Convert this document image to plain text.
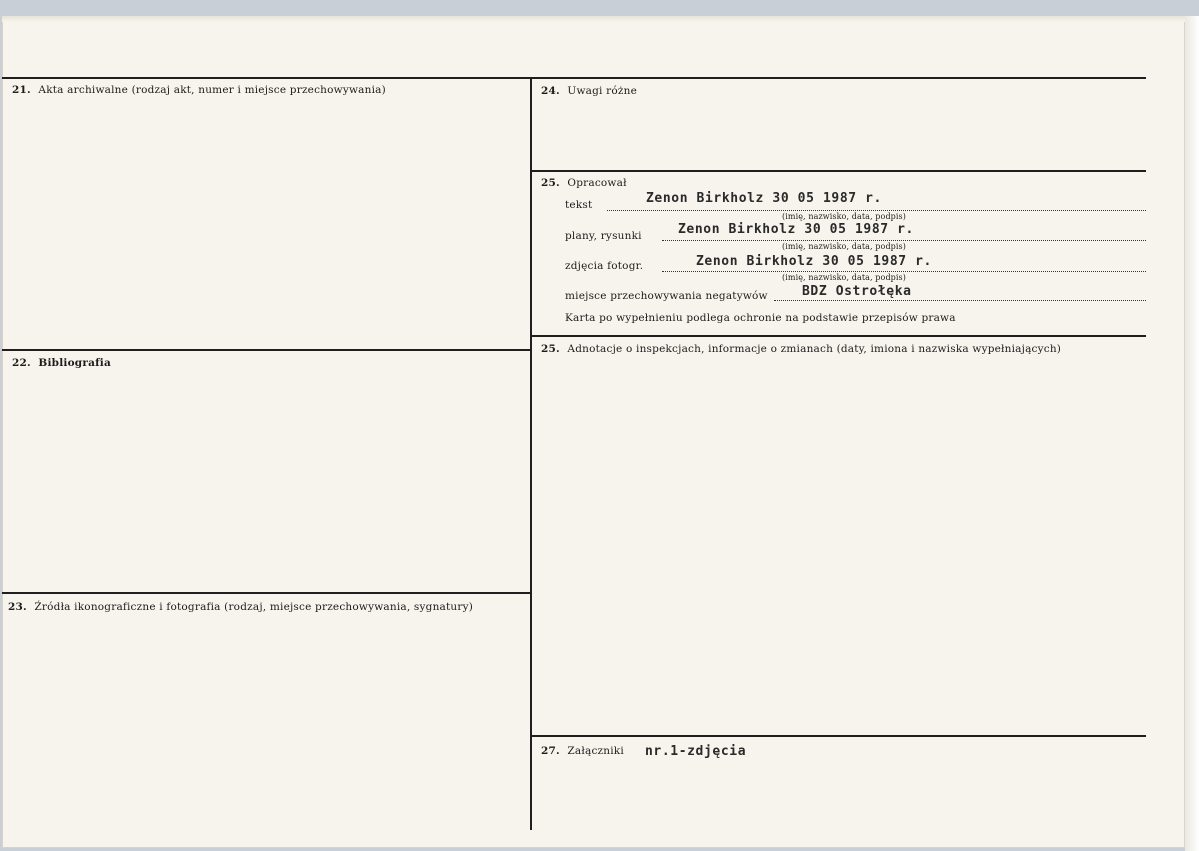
21. Akta archiwalne (rodzaj akt, numer i miejsce przechowywania)
22. Bibliografia
23. Źródła ikonograficzne i fotografia (rodzaj, miejsce przechowywania, sygnatury)
24. Uwagi różne
25. Opracował
tekst	Zenon Birkholz 30 05 1987 r.
(imię, nazwisko, data, podpis)
plany, rysunki	Zenon Birkholz 30 05 1987 r.
(imię, nazwisko, data, podpis)
zdjęcia fotogr.	Zenon Birkholz 30 05 1987 r.
(imię, nazwisko, data, podpis)
miejsce przechowywania negatywów	BDZ Ostrołęka
Karta po wypełnieniu podlega ochronie na podstawie przepisów prawa
25. Adnotacje o inspekcjach, informacje o zmianach (daty, imiona i nazwiska wypełniających)
27. Załączniki nr.1-zdjęcia
